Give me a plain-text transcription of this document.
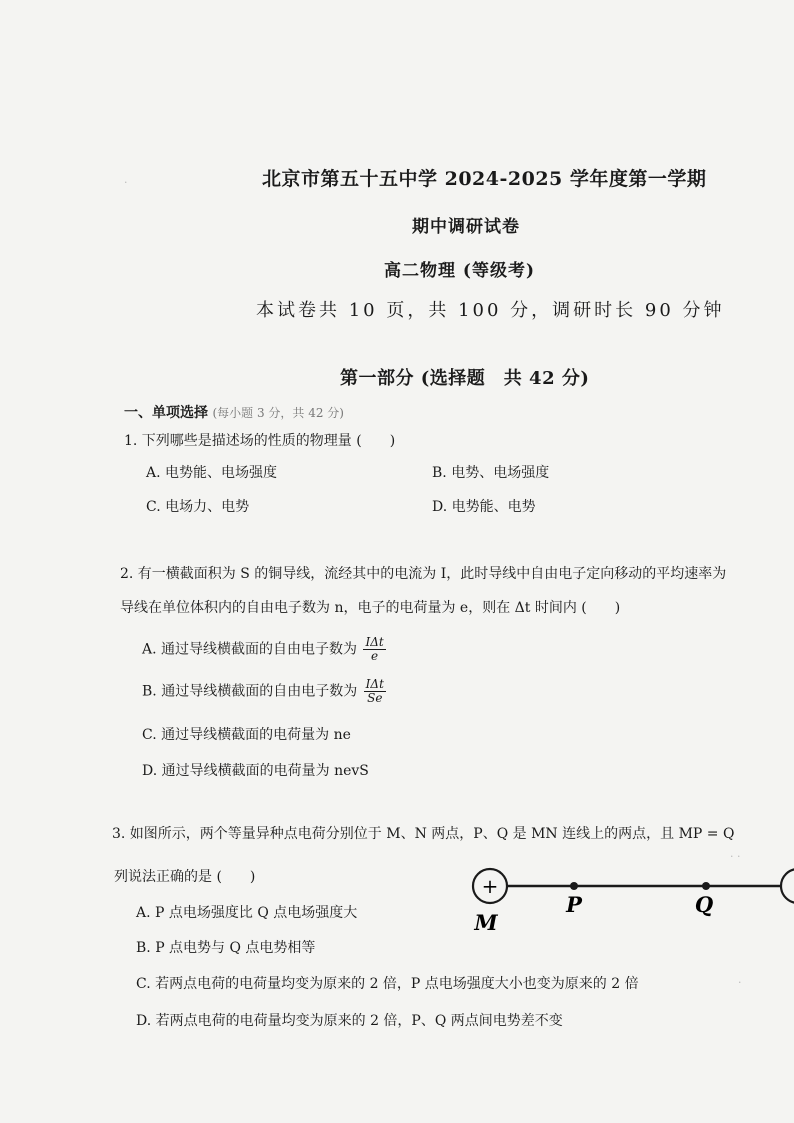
·
· ·
·
北京市第五十五中学 2024-2025 学年度第一学期
期中调研试卷
高二物理 (等级考)
本试卷共 10 页，共 100 分，调研时长 90 分钟
第一部分 (选择题　共 42 分)
一、单项选择 (每小题 3 分，共 42 分)
1. 下列哪些是描述场的性质的物理量 (　　)
A. 电势能、电场强度	B. 电势、电场强度
C. 电场力、电势	D. 电势能、电势
2. 有一横截面积为 S 的铜导线，流经其中的电流为 I，此时导线中自由电子定向移动的平均速率为
导线在单位体积内的自由电子数为 n，电子的电荷量为 e，则在 Δt 时间内 (　　)
A. 通过导线横截面的自由电子数为 $\frac{\text{IΔt}}{e}$
B. 通过导线横截面的自由电子数为 $\frac{\text{IΔt}}{Se}$
C. 通过导线横截面的电荷量为 ne
D. 通过导线横截面的电荷量为 nevS
3. 如图所示，两个等量异种点电荷分别位于 M、N 两点，P、Q 是 MN 连线上的两点，且 MP = Q
列说法正确的是 (　　)	+
M
P	Q
A. P 点电场强度比 Q 点电场强度大
B. P 点电势与 Q 点电势相等
C. 若两点电荷的电荷量均变为原来的 2 倍，P 点电场强度大小也变为原来的 2 倍
D. 若两点电荷的电荷量均变为原来的 2 倍，P、Q 两点间电势差不变
